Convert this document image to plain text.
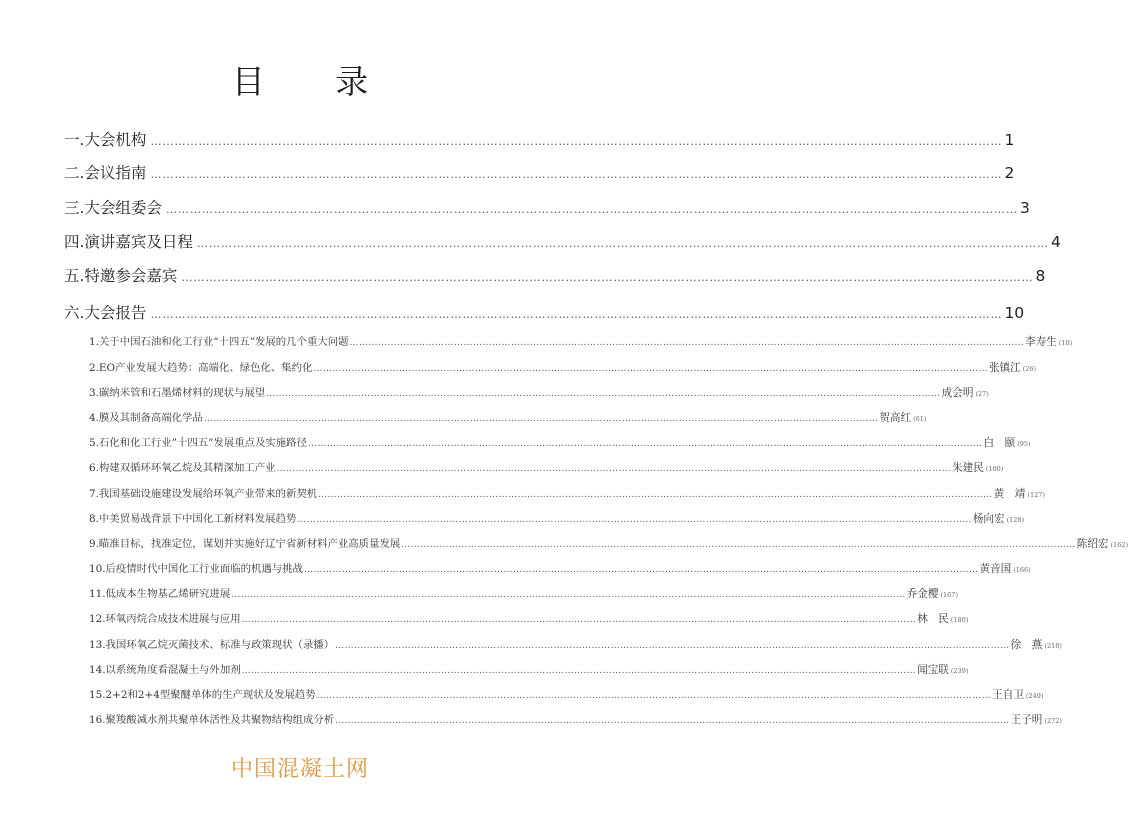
目 录
一.大会机构 …………………………………………………………………………………………………………………………………………………………………………………………… 1
二.会议指南 …………………………………………………………………………………………………………………………………………………………………………………………… 2
三.大会组委会 …………………………………………………………………………………………………………………………………………………………………………………………… 3
四.演讲嘉宾及日程 …………………………………………………………………………………………………………………………………………………………………………………………… 4
五.特邀参会嘉宾 …………………………………………………………………………………………………………………………………………………………………………………………… 8
六.大会报告 …………………………………………………………………………………………………………………………………………………………………………………………… 10
1.关于中国石油和化工行业“十四五”发展的几个重大问题 …………………………………………………………………………………………………………………………………………………………………………………………… 李寿生 (10)
2.EO产业发展大趋势：高端化、绿色化、集约化 …………………………………………………………………………………………………………………………………………………………………………………………… 张镇江 (26)
3.碳纳米管和石墨烯材料的现状与展望 …………………………………………………………………………………………………………………………………………………………………………………………… 成会明 (27)
4.膜及其制备高端化学品 …………………………………………………………………………………………………………………………………………………………………………………………… 贺高红 (61)
5.石化和化工行业”十四五”发展重点及实施路径 …………………………………………………………………………………………………………………………………………………………………………………………… 白　颐 (95)
6.构建双循环环氧乙烷及其精深加工产业 …………………………………………………………………………………………………………………………………………………………………………………………… 朱建民 (100)
7.我国基础设施建设发展给环氧产业带来的新契机 …………………………………………………………………………………………………………………………………………………………………………………………… 黄　靖 (127)
8.中美贸易战背景下中国化工新材料发展趋势 …………………………………………………………………………………………………………………………………………………………………………………………… 杨向宏 (128)
9.瞄准目标，找准定位，谋划并实施好辽宁省新材料产业高质量发展 …………………………………………………………………………………………………………………………………………………………………………………………… 陈绍宏 (162)
10.后疫情时代中国化工行业面临的机遇与挑战 …………………………………………………………………………………………………………………………………………………………………………………………… 黄音国 (166)
11.低成本生物基乙烯研究进展 …………………………………………………………………………………………………………………………………………………………………………………………… 乔金樱 (167)
12.环氧丙烷合成技术进展与应用 …………………………………………………………………………………………………………………………………………………………………………………………… 林　民 (180)
13.我国环氧乙烷灭菌技术、标准与政策现状（录播） …………………………………………………………………………………………………………………………………………………………………………………………… 徐　燕 (218)
14.以系统角度看混凝土与外加剂 …………………………………………………………………………………………………………………………………………………………………………………………… 闻宝联 (239)
15.2+2和2+4型聚醚单体的生产现状及发展趋势 …………………………………………………………………………………………………………………………………………………………………………………………… 王自卫 (249)
16.聚羧酸减水剂共聚单体活性及共聚物结构组成分析 …………………………………………………………………………………………………………………………………………………………………………………………… 王子明 (272)
中国混凝土网
